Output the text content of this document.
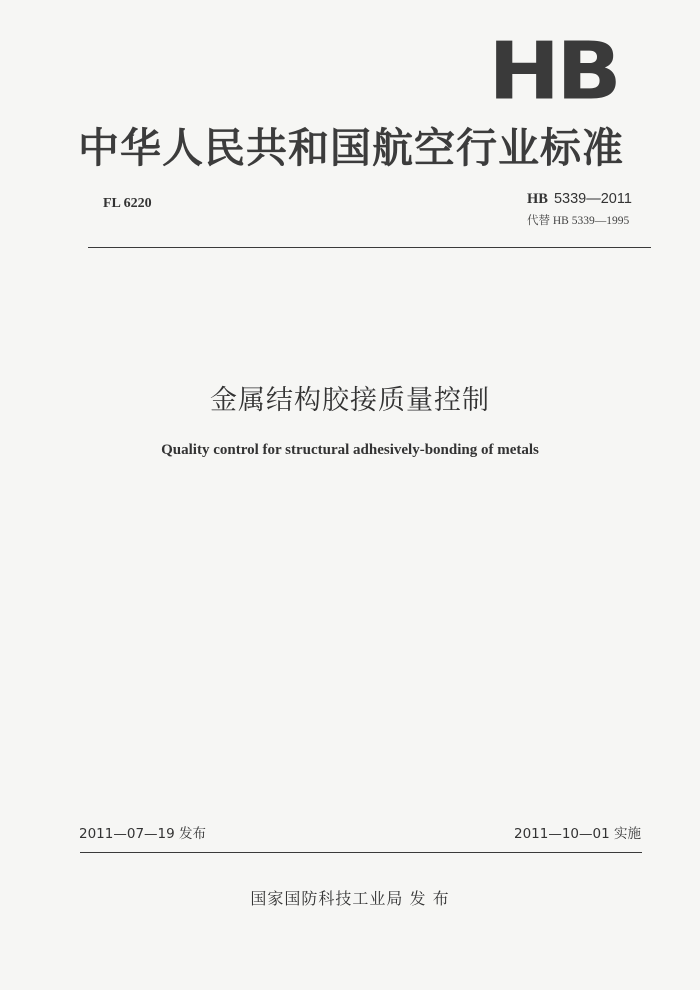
HB
中华人民共和国航空行业标准
FL 6220	HB 5339—2011
代替 HB 5339—1995
金属结构胶接质量控制
Quality control for structural adhesively-bonding of metals
2011—07—19 发布	2011—10—01 实施
国家国防科技工业局 发 布
